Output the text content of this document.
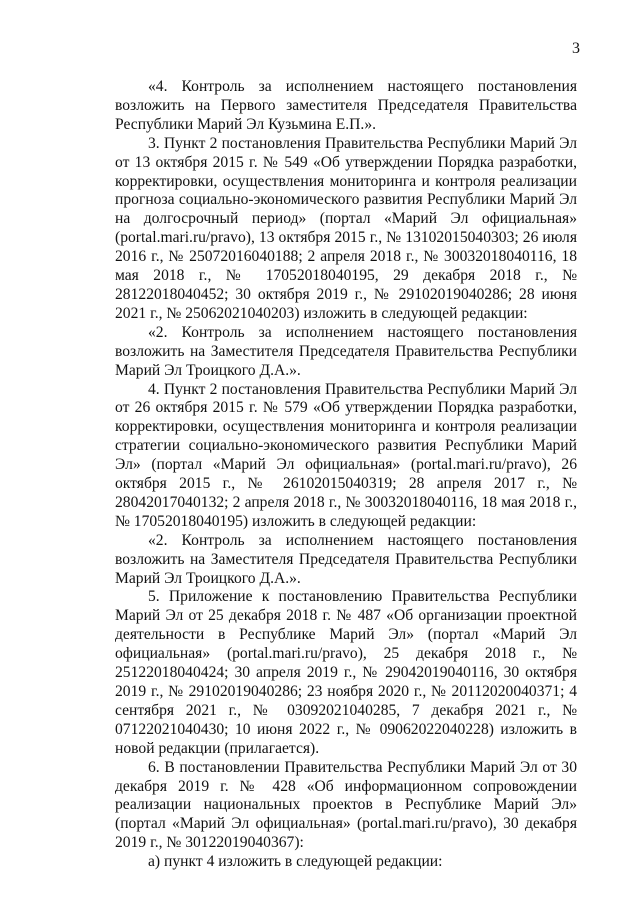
3

«4. Контроль за исполнением настоящего постановления возложить на Первого заместителя Председателя Правительства Республики Марий Эл Кузьмина Е.П.».

3. Пункт 2 постановления Правительства Республики Марий Эл от 13 октября 2015 г. № 549 «Об утверждении Порядка разработки, корректировки, осуществления мониторинга и контроля реализации прогноза социально-экономического развития Республики Марий Эл на долгосрочный период» (портал «Марий Эл официальная» (portal.mari.ru/pravo), 13 октября 2015 г., № 13102015040303; 26 июля 2016 г., № 25072016040188; 2 апреля 2018 г., № 30032018040116, 18 мая 2018 г., № 17052018040195, 29 декабря 2018 г., № 28122018040452; 30 октября 2019 г., № 29102019040286; 28 июня 2021 г., № 25062021040203) изложить в следующей редакции:

«2. Контроль за исполнением настоящего постановления возложить на Заместителя Председателя Правительства Республики Марий Эл Троицкого Д.А.».

4. Пункт 2 постановления Правительства Республики Марий Эл от 26 октября 2015 г. № 579 «Об утверждении Порядка разработки, корректировки, осуществления мониторинга и контроля реализации стратегии социально-экономического развития Республики Марий Эл» (портал «Марий Эл официальная» (portal.mari.ru/pravo), 26 октября 2015 г., № 26102015040319; 28 апреля 2017 г., № 28042017040132; 2 апреля 2018 г., № 30032018040116, 18 мая 2018 г., № 17052018040195) изложить в следующей редакции:

«2. Контроль за исполнением настоящего постановления возложить на Заместителя Председателя Правительства Республики Марий Эл Троицкого Д.А.».

5. Приложение к постановлению Правительства Республики Марий Эл от 25 декабря 2018 г. № 487 «Об организации проектной деятельности в Республике Марий Эл» (портал «Марий Эл официальная» (portal.mari.ru/pravo), 25 декабря 2018 г., № 25122018040424; 30 апреля 2019 г., № 29042019040116, 30 октября 2019 г., № 29102019040286; 23 ноября 2020 г., № 20112020040371; 4 сентября 2021 г., № 03092021040285, 7 декабря 2021 г., № 07122021040430; 10 июня 2022 г., № 09062022040228) изложить в новой редакции (прилагается).

6. В постановлении Правительства Республики Марий Эл от 30 декабря 2019 г. № 428 «Об информационном сопровождении реализации национальных проектов в Республике Марий Эл» (портал «Марий Эл официальная» (portal.mari.ru/pravo), 30 декабря 2019 г., № 30122019040367):

а) пункт 4 изложить в следующей редакции:
